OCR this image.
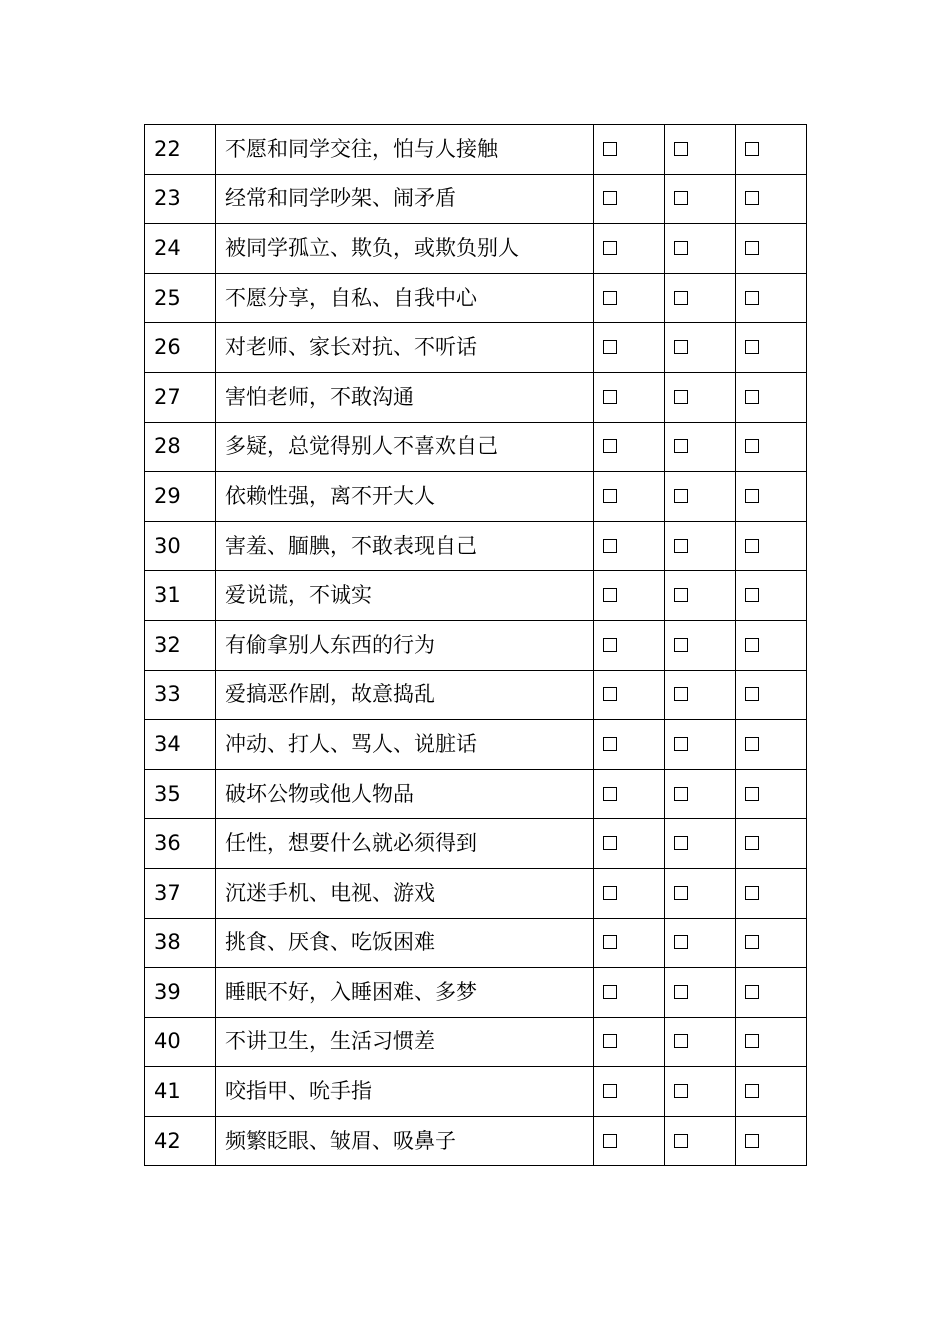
22	不愿和同学交往，怕与人接触			
23	经常和同学吵架、闹矛盾			
24	被同学孤立、欺负，或欺负别人			
25	不愿分享，自私、自我中心			
26	对老师、家长对抗、不听话			
27	害怕老师，不敢沟通			
28	多疑，总觉得别人不喜欢自己			
29	依赖性强，离不开大人			
30	害羞、腼腆，不敢表现自己			
31	爱说谎，不诚实			
32	有偷拿别人东西的行为			
33	爱搞恶作剧，故意捣乱			
34	冲动、打人、骂人、说脏话			
35	破坏公物或他人物品			
36	任性，想要什么就必须得到			
37	沉迷手机、电视、游戏			
38	挑食、厌食、吃饭困难			
39	睡眠不好，入睡困难、多梦			
40	不讲卫生，生活习惯差			
41	咬指甲、吮手指			
42	频繁眨眼、皱眉、吸鼻子			
